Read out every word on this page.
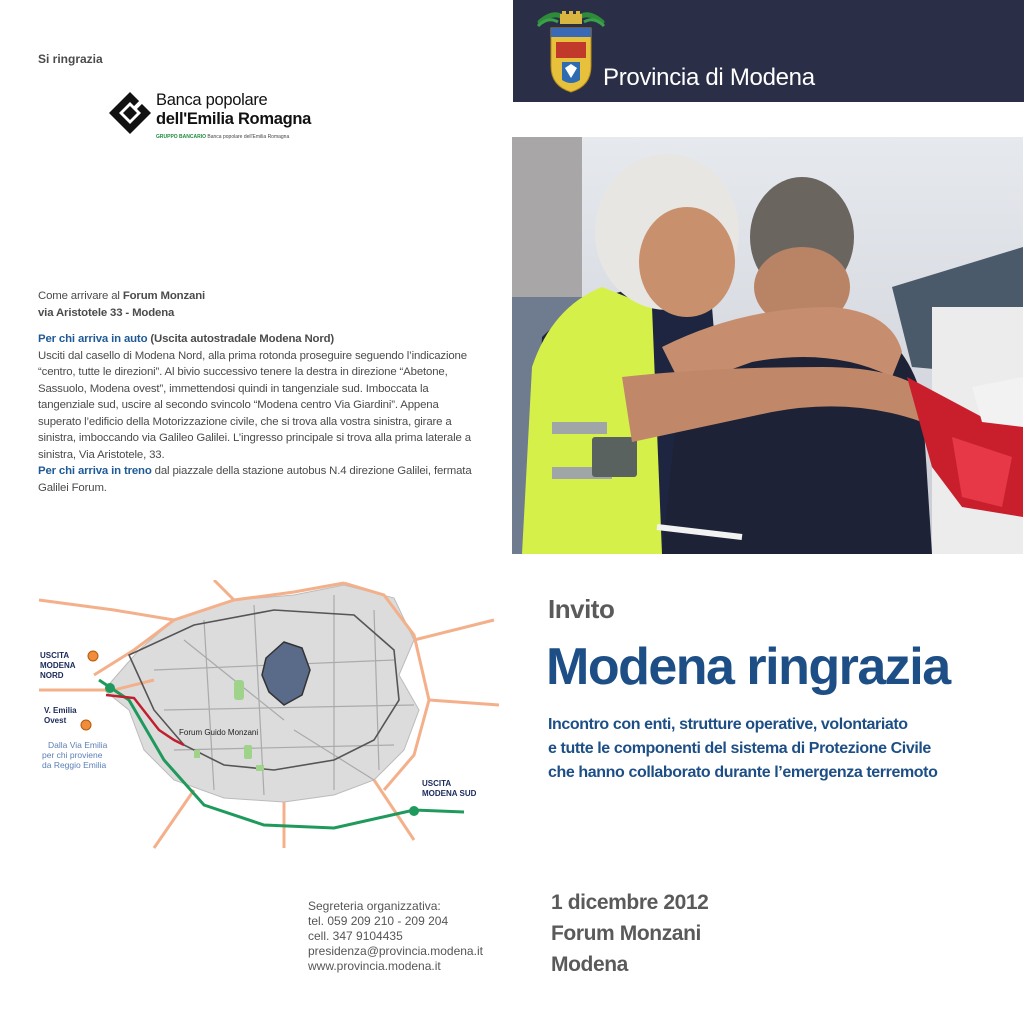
Si ringrazia
Banca popolare
dell'Emilia Romagna
GRUPPO BANCARIO Banca popolare dell'Emilia Romagna
Come arrivare al Forum Monzani
via Aristotele 33 - Modena
Per chi arriva in auto (Uscita autostradale Modena Nord)
Usciti dal casello di Modena Nord, alla prima rotonda proseguire seguendo l’indicazione “centro, tutte le direzioni”. Al bivio successivo tenere la destra in direzione “Abetone, Sassuolo, Modena ovest”, immettendosi quindi in tangenziale sud. Imboccata la tangenziale sud, uscire al secondo svincolo “Modena centro Via Giardini”. Appena superato l’edificio della Motorizzazione civile, che si trova alla vostra sinistra, girare a sinistra, imboccando via Galileo Galilei. L’ingresso principale si trova alla prima laterale a sinistra, Via Aristotele, 33.
Per chi arriva in treno dal piazzale della stazione autobus N.4 direzione Galilei, fermata Galilei Forum.
USCITA
MODENA
NORD
V. Emilia
Ovest
USCITA
MODENA SUD
Dalla Via Emilia
per chi proviene
da Reggio Emilia
Forum Guido Monzani
Segreteria organizzativa:
tel. 059 209 210 - 209 204
cell. 347 9104435
presidenza@provincia.modena.it
www.provincia.modena.it
Provincia di Modena
Invito
Modena ringrazia
Incontro con enti, strutture operative, volontariato
e tutte le componenti del sistema di Protezione Civile
che hanno collaborato durante l’emergenza terremoto
1 dicembre 2012
Forum Monzani
Modena
